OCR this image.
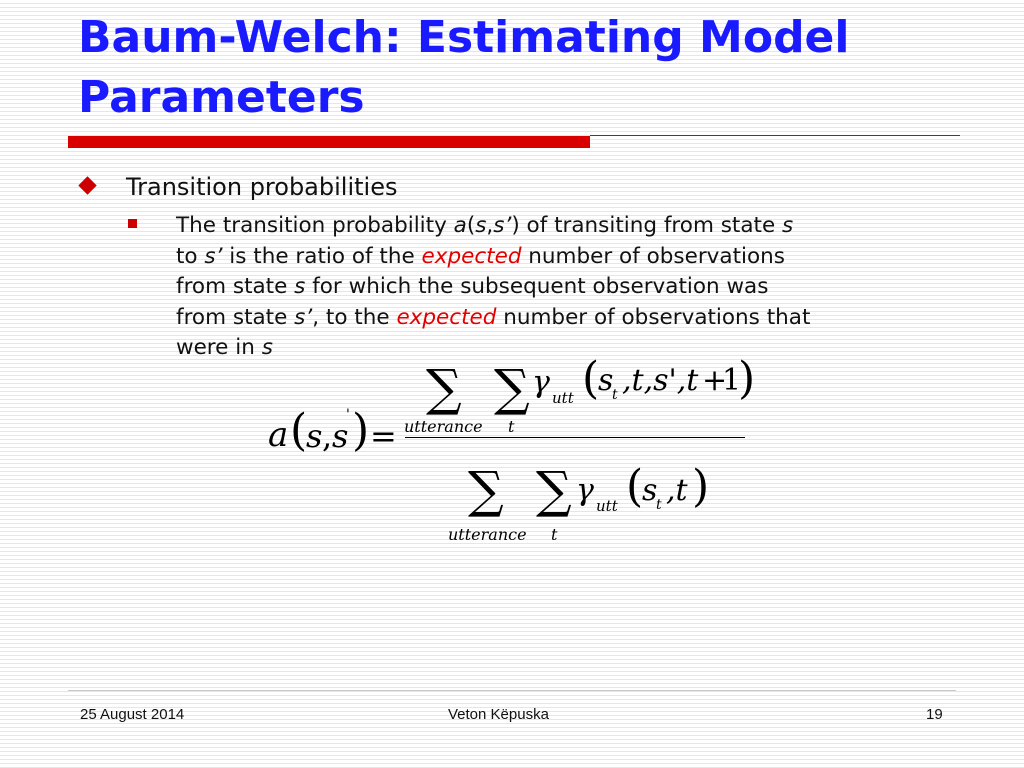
Baum-Welch: Estimating Model Parameters
Transition probabilities

The transition probability a(s,s’) of transiting from state s

to s’ is the ratio of the expected number of observations

from state s for which the subsequent observation was

from state s’, to the expected number of observations that

were in s

a (
s , s
' ) =
∑ ∑ γ utt (
s
t ,t,s',t +
1
)
utterance t
∑ ∑ γ utt (
s
t ,t )
utterance t
25 August 2014	Veton Këpuska	19
